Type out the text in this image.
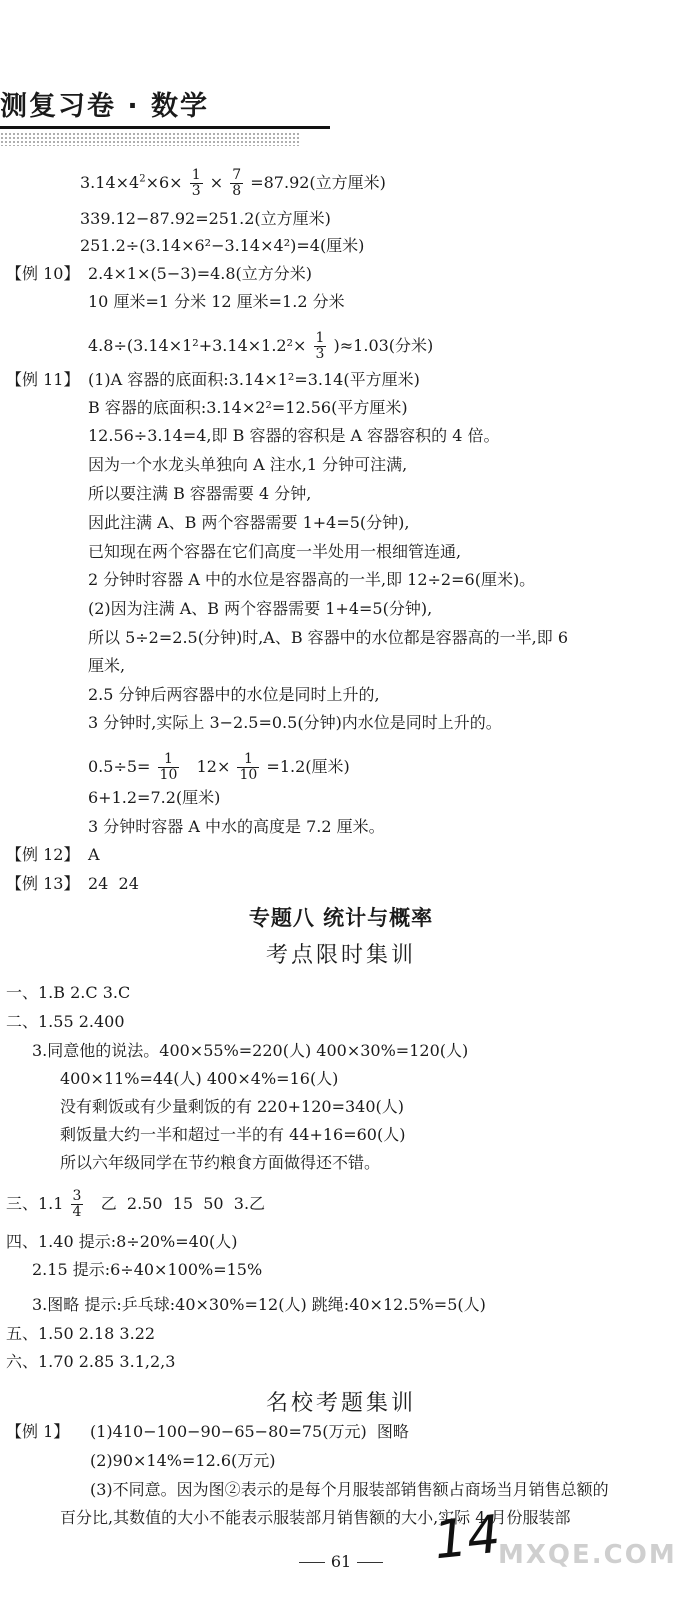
测复习卷 · 数学
$3.14\times 4^2\times 6\times \frac{1}{3} \times \frac{7}{8} =87.92$(立方厘米)
339.12−87.92=251.2(立方厘米)
251.2÷(3.14×6²−3.14×4²)=4(厘米)
【例 10】 2.4×1×(5−3)=4.8(立方分米)
10 厘米=1 分米 12 厘米=1.2 分米
$4.8\div(3.14\times 1^2+3.14\times 1.2^2\times \frac{1}{3} )\approx 1.03$(分米)
【例 11】 (1)A 容器的底面积:3.14×1²=3.14(平方厘米)
B 容器的底面积:3.14×2²=12.56(平方厘米)
12.56÷3.14=4,即 B 容器的容积是 A 容器容积的 4 倍。
因为一个水龙头单独向 A 注水,1 分钟可注满,
所以要注满 B 容器需要 4 分钟,
因此注满 A、B 两个容器需要 1+4=5(分钟),
已知现在两个容器在它们高度一半处用一根细管连通,
2 分钟时容器 A 中的水位是容器高的一半,即 12÷2=6(厘米)。
(2)因为注满 A、B 两个容器需要 1+4=5(分钟),
所以 5÷2=2.5(分钟)时,A、B 容器中的水位都是容器高的一半,即 6
厘米,
2.5 分钟后两容器中的水位是同时上升的,
3 分钟时,实际上 3−2.5=0.5(分钟)内水位是同时上升的。
$0.5\div 5= \frac{1}{10} 12\times \frac{1}{10} =1.2$(厘米)
6+1.2=7.2(厘米)
3 分钟时容器 A 中水的高度是 7.2 厘米。
【例 12】 A
【例 13】 24  24
专题八 统计与概率
考点限时集训
一、1.B 2.C 3.C
二、1.55 2.400
3.同意他的说法。400×55%=220(人) 400×30%=120(人)
400×11%=44(人) 400×4%=16(人)
没有剩饭或有少量剩饭的有 220+120=340(人)
剩饭量大约一半和超过一半的有 44+16=60(人)
所以六年级同学在节约粮食方面做得还不错。
三、$1.1 \frac{3}{4}$ 乙  2.50  15  50  3.乙
四、1.40 提示:8÷20%=40(人)
2.15 提示:6÷40×100%=15%
3.图略 提示:乒乓球:40×30%=12(人) 跳绳:40×12.5%=5(人)
五、1.50 2.18 3.22
六、1.70 2.85 3.1,2,3
名校考题集训
【例 1】 (1)410−100−90−65−80=75(万元)  图略
(2)90×14%=12.6(万元)
(3)不同意。因为图②表示的是每个月服装部销售额占商场当月销售总额的
百分比,其数值的大小不能表示服装部月销售额的大小,实际 4 月份服装部
14
61	MXQE.COM
